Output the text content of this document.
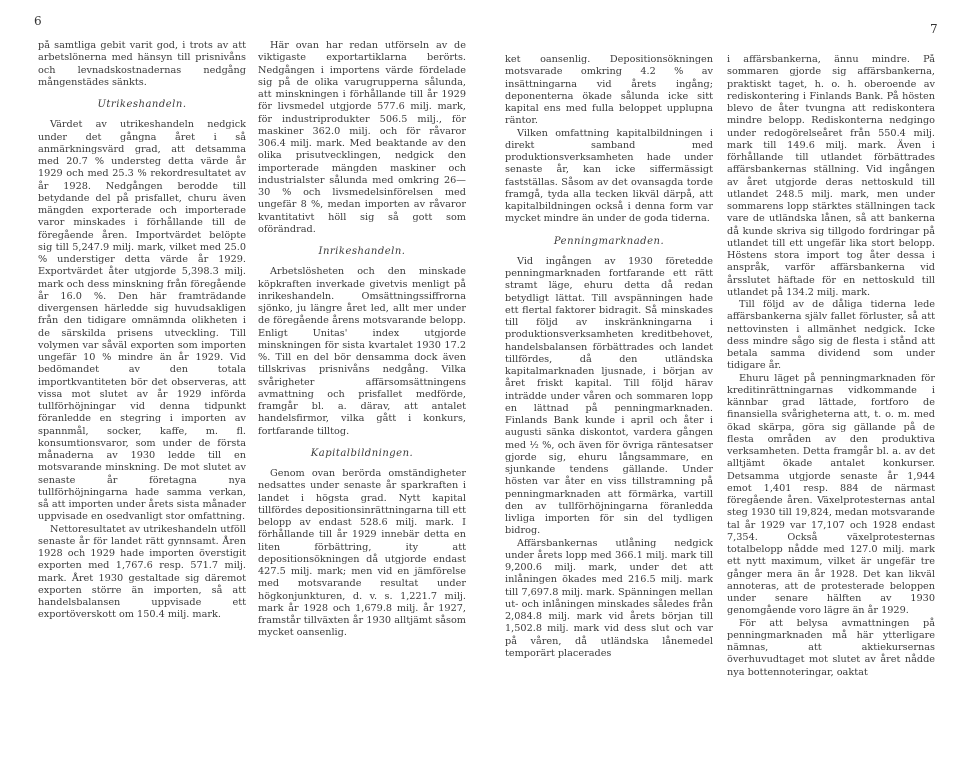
6
7

på samtliga gebit varit god, i trots av att arbetslönerna med hänsyn till prisnivåns och levnadskostnadernas nedgång mångenstädes sänkts.

Utrikeshandeln.

Värdet av utrikeshandeln nedgick under det gångna året i så anmärkningsvärd grad, att detsamma med 20.7 % understeg detta värde år 1929 och med 25.3 % rekordresultatet av år 1928. Nedgången berodde till betydande del på prisfallet, churu även mängden exporterade och importerade varor minskades i förhållande till de föregående åren. Importvärdet belöpte sig till 5,247.9 milj. mark, vilket med 25.0 % understiger detta värde år 1929. Exportvärdet åter utgjorde 5,398.3 milj. mark och dess minskning från föregående år 16.0 %. Den här framträdande divergensen härledde sig huvudsakligen från den tidigare omnämnda olikheten i de särskilda prisens utveckling. Till volymen var såväl exporten som importen ungefär 10 % mindre än år 1929. Vid bedömandet av den totala importkvantiteten bör det observeras, att vissa mot slutet av år 1929 införda tullförhöjningar vid denna tidpunkt föranledde en stegring i importen av spannmål, socker, kaffe, m. fl. konsumtionsvaror, som under de första månaderna av 1930 ledde till en motsvarande minskning. De mot slutet av senaste år företagna nya tullförhöjningarna hade samma verkan, så att importen under årets sista månader uppvisade en osedvanligt stor omfattning.

Nettoresultatet av utrikeshandeln utföll senaste år för landet rätt gynnsamt. Åren 1928 och 1929 hade importen överstigit exporten med 1,767.6 resp. 571.7 milj. mark. Året 1930 gestaltade sig däremot exporten större än importen, så att handelsbalansen uppvisade ett exportöverskott om 150.4 milj. mark.

Här ovan har redan utförseln av de viktigaste exportartiklarna berörts. Nedgången i importens värde fördelade sig på de olika varugrupperna sålunda, att minskningen i förhållande till år 1929 för livsmedel utgjorde 577.6 milj. mark, för industriprodukter 506.5 milj., för maskiner 362.0 milj. och för råvaror 306.4 milj. mark. Med beaktande av den olika prisutvecklingen, nedgick den importerade mängden maskiner och industrialster sålunda med omkring 26—30 % och livsmedelsinförelsen med ungefär 8 %, medan importen av råvaror kvantitativt höll sig så gott som oförändrad.

Inrikeshandeln.

Arbetslösheten och den minskade köpkraften inverkade givetvis menligt på inrikeshandeln. Omsättningssiffrorna sjönko, ju längre året led, allt mer under de föregående årens motsvarande belopp. Enligt Unitas' index utgjorde minskningen för sista kvartalet 1930 17.2 %. Till en del bör densamma dock även tillskrivas prisnivåns nedgång. Vilka svårigheter affärsomsättningens avmattning och prisfallet medförde, framgår bl. a. därav, att antalet handelsfirmor, vilka gått i konkurs, fortfarande tilltog.

Kapitalbildningen.

Genom ovan berörda omständigheter nedsattes under senaste år sparkraften i landet i högsta grad. Nytt kapital tillfördes depositionsinrättningarna till ett belopp av endast 528.6 milj. mark. I förhållande till år 1929 innebär detta en liten förbättring, ity att depositionsökningen då utgjorde endast 427.5 milj. mark; men vid en jämförelse med motsvarande resultat under högkonjunkturen, d. v. s. 1,221.7 milj. mark år 1928 och 1,679.8 milj. år 1927, framstår tillväxten år 1930 alltjämt såsom mycket oansenlig.

ket oansenlig. Depositionsökningen motsvarade omkring 4.2 % av insättningarna vid årets ingång; deponenterna ökade sålunda icke sitt kapital ens med fulla beloppet upplupna räntor.

Vilken omfattning kapitalbildningen i direkt samband med produktionsverksamheten hade under senaste år, kan icke siffermässigt fastställas. Såsom av det ovansagda torde framgå, tyda alla tecken likväl därpå, att kapitalbildningen också i denna form var mycket mindre än under de goda tiderna.

Penningmarknaden.

Vid ingången av 1930 företedde penningmarknaden fortfarande ett rätt stramt läge, ehuru detta då redan betydligt lättat. Till avspänningen hade ett flertal faktorer bidragit. Så minskades till följd av inskränkningarna i produktionsverksamheten kreditbehovet, handelsbalansen förbättrades och landet tillfördes, då den utländska kapitalmarknaden ljusnade, i början av året friskt kapital. Till följd härav inträdde under våren och sommaren lopp en lättnad på penningmarknaden. Finlands Bank kunde i april och åter i augusti sänka diskontot, vardera gången med ½ %, och även för övriga räntesatser gjorde sig, ehuru långsammare, en sjunkande tendens gällande. Under hösten var åter en viss tillstramning på penningmarknaden att förmärka, vartill den av tullförhöjningarna föranledda livliga importen för sin del tydligen bidrog.

Affärsbankernas utlåning nedgick under årets lopp med 366.1 milj. mark till 9,200.6 milj. mark, under det att inlåningen ökades med 216.5 milj. mark till 7,697.8 milj. mark. Spänningen mellan ut- och inlåningen minskades således från 2,084.8 milj. mark vid årets början till 1,502.8 milj. mark vid dess slut och var på våren, då utländska lånemedel temporärt placerades

i affärsbankerna, ännu mindre. På sommaren gjorde sig affärsbankerna, praktiskt taget, h. o. h. oberoende av rediskontering i Finlands Bank. På hösten blevo de åter tvungna att rediskontera mindre belopp. Rediskonterna nedgingo under redogörelseåret från 550.4 milj. mark till 149.6 milj. mark. Även i förhållande till utlandet förbättrades affärsbankernas ställning. Vid ingången av året utgjorde deras nettoskuld till utlandet 248.5 milj. mark, men under sommarens lopp stärktes ställningen tack vare de utländska lånen, så att bankerna då kunde skriva sig tillgodo fordringar på utlandet till ett ungefär lika stort belopp. Höstens stora import tog åter dessa i anspråk, varför affärsbankerna vid årsslutet häftade för en nettoskuld till utlandet på 134.2 milj. mark.

Till följd av de dåliga tiderna lede affärsbankerna själv fallet förluster, så att nettovinsten i allmänhet nedgick. Icke dess mindre sågo sig de flesta i stånd att betala samma dividend som under tidigare år.

Ehuru läget på penningmarknaden för kreditinrättningarnas vidkommande i kännbar grad lättade, fortforo de finansiella svårigheterna att, t. o. m. med ökad skärpa, göra sig gällande på de flesta områden av den produktiva verksamheten. Detta framgår bl. a. av det alltjämt ökade antalet konkurser. Detsamma utgjorde senaste år 1,944 emot 1,401 resp. 884 de närmast föregående åren. Växelprotesternas antal steg 1930 till 19,824, medan motsvarande tal år 1929 var 17,107 och 1928 endast 7,354. Också växelprotesternas totalbelopp nådde med 127.0 milj. mark ett nytt maximum, vilket är ungefär tre gånger mera än år 1928. Det kan likväl annoteras, att de protesterade beloppen under senare hälften av 1930 genomgående voro lägre än år 1929.

För att belysa avmattningen på penningmarknaden må här ytterligare nämnas, att aktiekursernas överhuvudtaget mot slutet av året nådde nya bottennoteringar, oaktat
